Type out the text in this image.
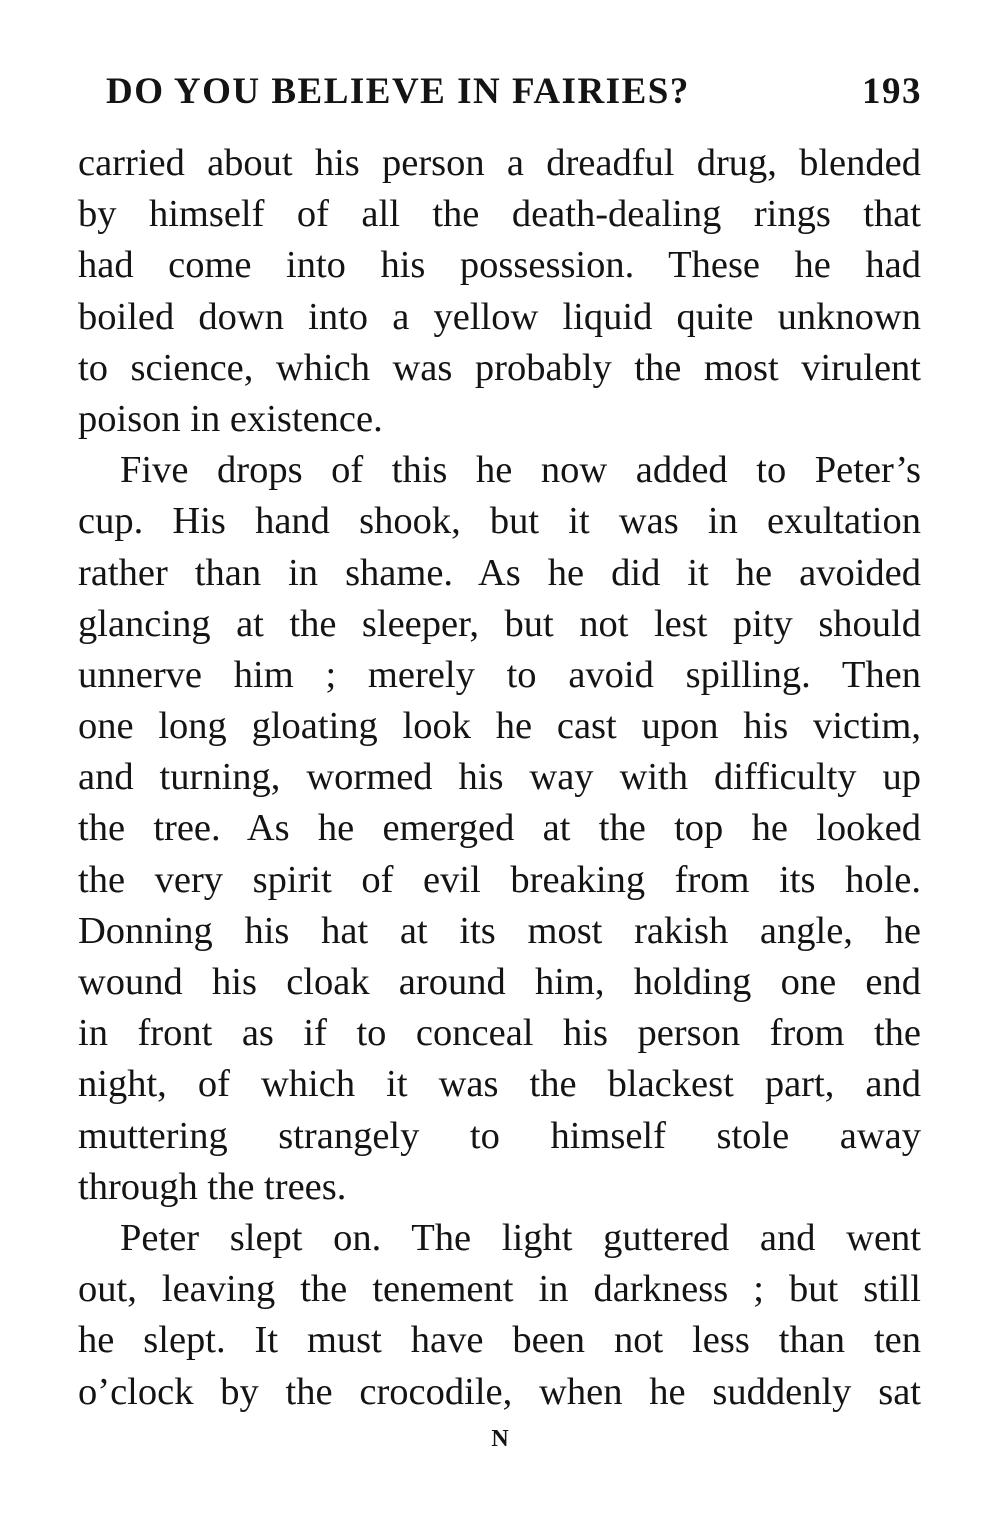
DO YOU BELIEVE IN FAIRIES?	193
carried about his person a dreadful drug, blended
by himself of all the death-dealing rings that
had come into his possession. These he had
boiled down into a yellow liquid quite unknown
to science, which was probably the most virulent
poison in existence.
Five drops of this he now added to Peter’s
cup. His hand shook, but it was in exultation
rather than in shame. As he did it he avoided
glancing at the sleeper, but not lest pity should
unnerve him ; merely to avoid spilling. Then
one long gloating look he cast upon his victim,
and turning, wormed his way with difficulty up
the tree. As he emerged at the top he looked
the very spirit of evil breaking from its hole.
Donning his hat at its most rakish angle, he
wound his cloak around him, holding one end
in front as if to conceal his person from the
night, of which it was the blackest part, and
muttering strangely to himself stole away
through the trees.
Peter slept on. The light guttered and went
out, leaving the tenement in darkness ; but still
he slept. It must have been not less than ten
o’clock by the crocodile, when he suddenly sat
N
